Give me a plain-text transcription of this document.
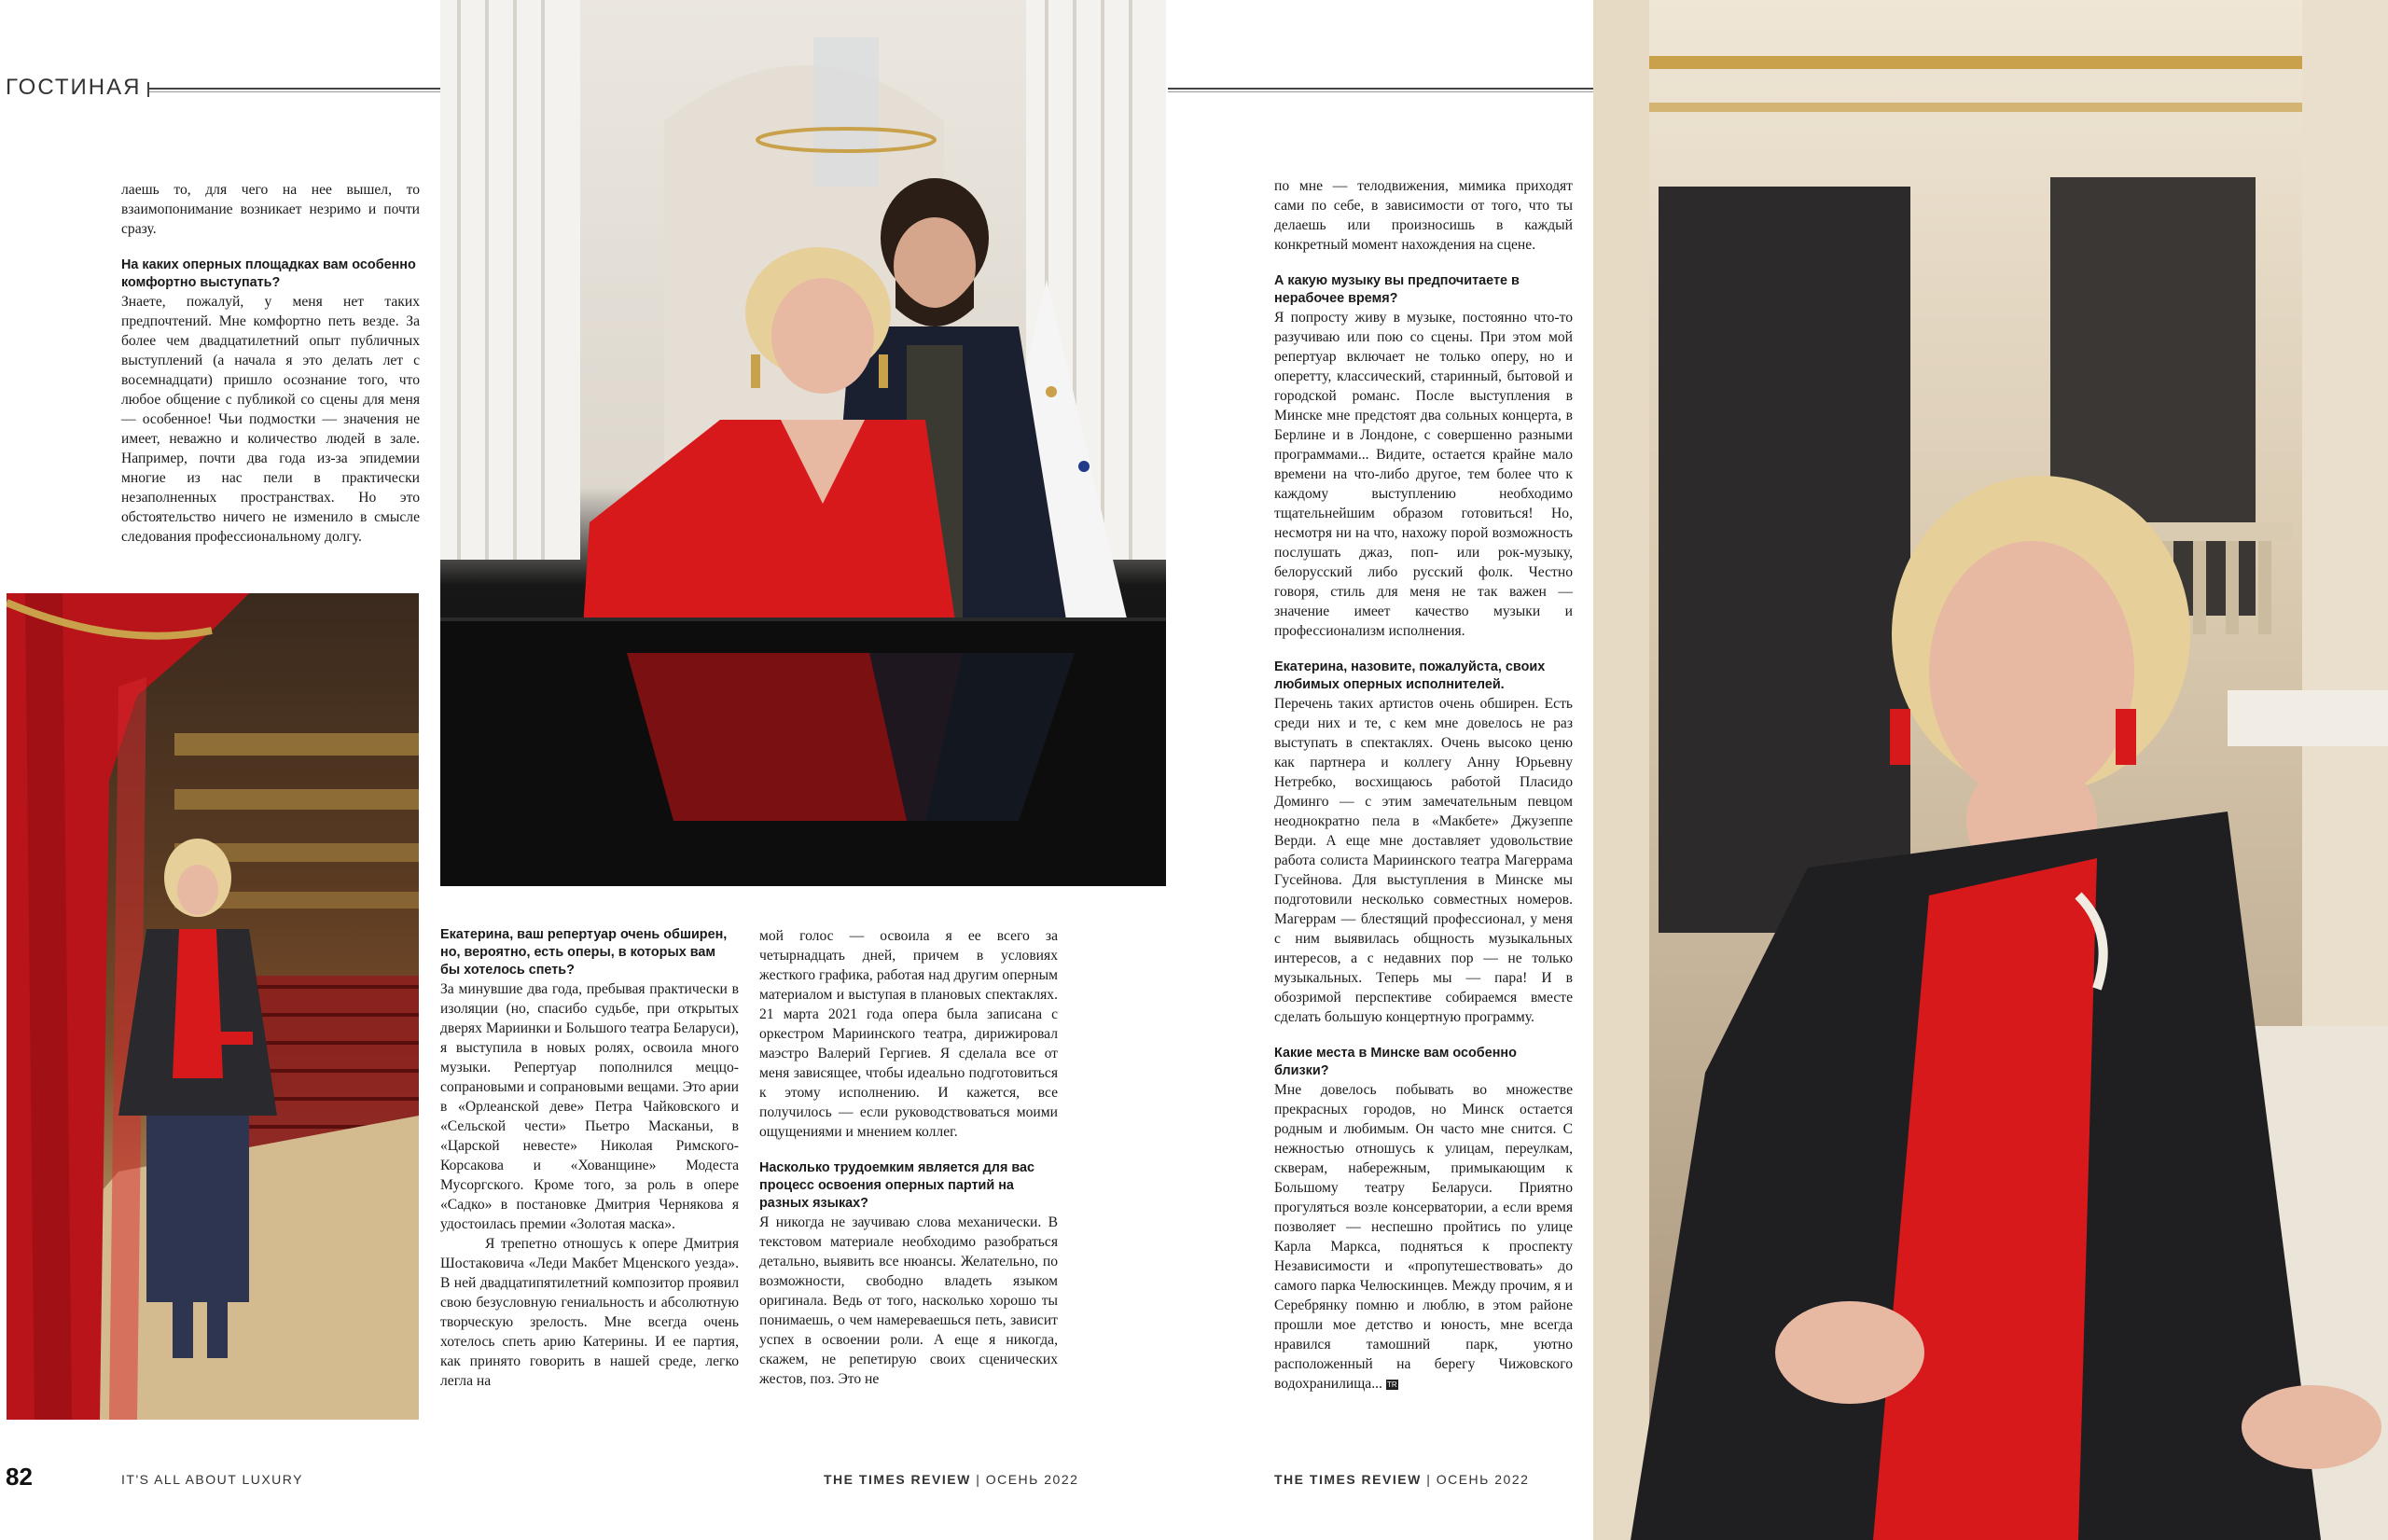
ГОСТИНАЯ

лаешь то, для чего на нее вышел, то взаимопонимание возникает незримо и почти сразу.

На каких оперных площадках вам особенно комфортно выступать?

Знаете, пожалуй, у меня нет таких предпочтений. Мне комфортно петь везде. За более чем двадцатилетний опыт публичных выступлений (а начала я это делать лет с восемнадцати) пришло осознание того, что любое общение с публикой со сцены для меня — особенное! Чьи подмостки — значения не имеет, неважно и количество людей в зале. Например, почти два года из-за эпидемии многие из нас пели в практически незаполненных пространствах. Но это обстоятельство ничего не изменило в смысле следования профессиональному долгу.

Екатерина, ваш репертуар очень обширен, но, вероятно, есть оперы, в которых вам бы хотелось спеть?

За минувшие два года, пребывая практически в изоляции (но, спасибо судьбе, при открытых дверях Мариинки и Большого театра Беларуси), я выступила в новых ролях, освоила много музыки. Репертуар пополнился меццо-сопрановыми и сопрановыми вещами. Это арии в «Орлеанской деве» Петра Чайковского и «Сельской чести» Пьетро Масканьи, в «Царской невесте» Николая Римского-Корсакова и «Хованщине» Модеста Мусоргского. Кроме того, за роль в опере «Садко» в постановке Дмитрия Чернякова я удостоилась премии «Золотая маска».

Я трепетно отношусь к опере Дмитрия Шостаковича «Леди Макбет Мценского уезда». В ней двадцатипятилетний композитор проявил свою безусловную гениальность и абсолютную творческую зрелость. Мне всегда очень хотелось спеть арию Катерины. И ее партия, как принято говорить в нашей среде, легко легла на

мой голос — освоила я ее всего за четырнадцать дней, причем в условиях жесткого графика, работая над другим оперным материалом и выступая в плановых спектаклях. 21 марта 2021 года опера была записана с оркестром Мариинского театра, дирижировал маэстро Валерий Гергиев. Я сделала все от меня зависящее, чтобы идеально подготовиться к этому исполнению. И кажется, все получилось — если руководствоваться моими ощущениями и мнением коллег.

Насколько трудоемким является для вас процесс освоения оперных партий на разных языках?

Я никогда не заучиваю слова механически. В текстовом материале необходимо разобраться детально, выявить все нюансы. Желательно, по возможности, свободно владеть языком оригинала. Ведь от того, насколько хорошо ты понимаешь, о чем намереваешься петь, зависит успех в освоении роли. А еще я никогда, скажем, не репетирую своих сценических жестов, поз. Это не

по мне — телодвижения, мимика приходят сами по себе, в зависимости от того, что ты делаешь или произносишь в каждый конкретный момент нахождения на сцене.

А какую музыку вы предпочитаете в нерабочее время?

Я попросту живу в музыке, постоянно что-то разучиваю или пою со сцены. При этом мой репертуар включает не только оперу, но и оперетту, классический, старинный, бытовой и городской романс. После выступления в Минске мне предстоят два сольных концерта, в Берлине и в Лондоне, с совершенно разными программами... Видите, остается крайне мало времени на что-либо другое, тем более что к каждому выступлению необходимо тщательнейшим образом готовиться! Но, несмотря ни на что, нахожу порой возможность послушать джаз, поп- или рок-музыку, белорусский либо русский фолк. Честно говоря, стиль для меня не так важен — значение имеет качество музыки и профессионализм исполнения.

Екатерина, назовите, пожалуйста, своих любимых оперных исполнителей.

Перечень таких артистов очень обширен. Есть среди них и те, с кем мне довелось не раз выступать в спектаклях. Очень высоко ценю как партнера и коллегу Анну Юрьевну Нетребко, восхищаюсь работой Пласидо Доминго — с этим замечательным певцом неоднократно пела в «Макбете» Джузеппе Верди. А еще мне доставляет удовольствие работа солиста Мариинского театра Магеррама Гусейнова. Для выступления в Минске мы подготовили несколько совместных номеров. Магеррам — блестящий профессионал, у меня с ним выявилась общность музыкальных интересов, а с недавних пор — не только музыкальных. Теперь мы — пара! И в обозримой перспективе собираемся вместе сделать большую концертную программу.

Какие места в Минске вам особенно близки?

Мне довелось побывать во множестве прекрасных городов, но Минск остается родным и любимым. Он часто мне снится. С нежностью отношусь к улицам, переулкам, скверам, набережным, примыкающим к Большому театру Беларуси. Приятно прогуляться возле консерватории, а если время позволяет — неспешно пройтись по улице Карла Маркса, подняться к проспекту Независимости и «пропутешествовать» до самого парка Челюскинцев. Между прочим, я и Серебрянку помню и люблю, в этом районе прошли мое детство и юность, мне всегда нравился тамошний парк, уютно расположенный на берегу Чижовского водохранилища... TR

82	IT'S ALL ABOUT LUXURY	THE TIMES REVIEW | ОСЕНЬ 2022	THE TIMES REVIEW | ОСЕНЬ 2022
